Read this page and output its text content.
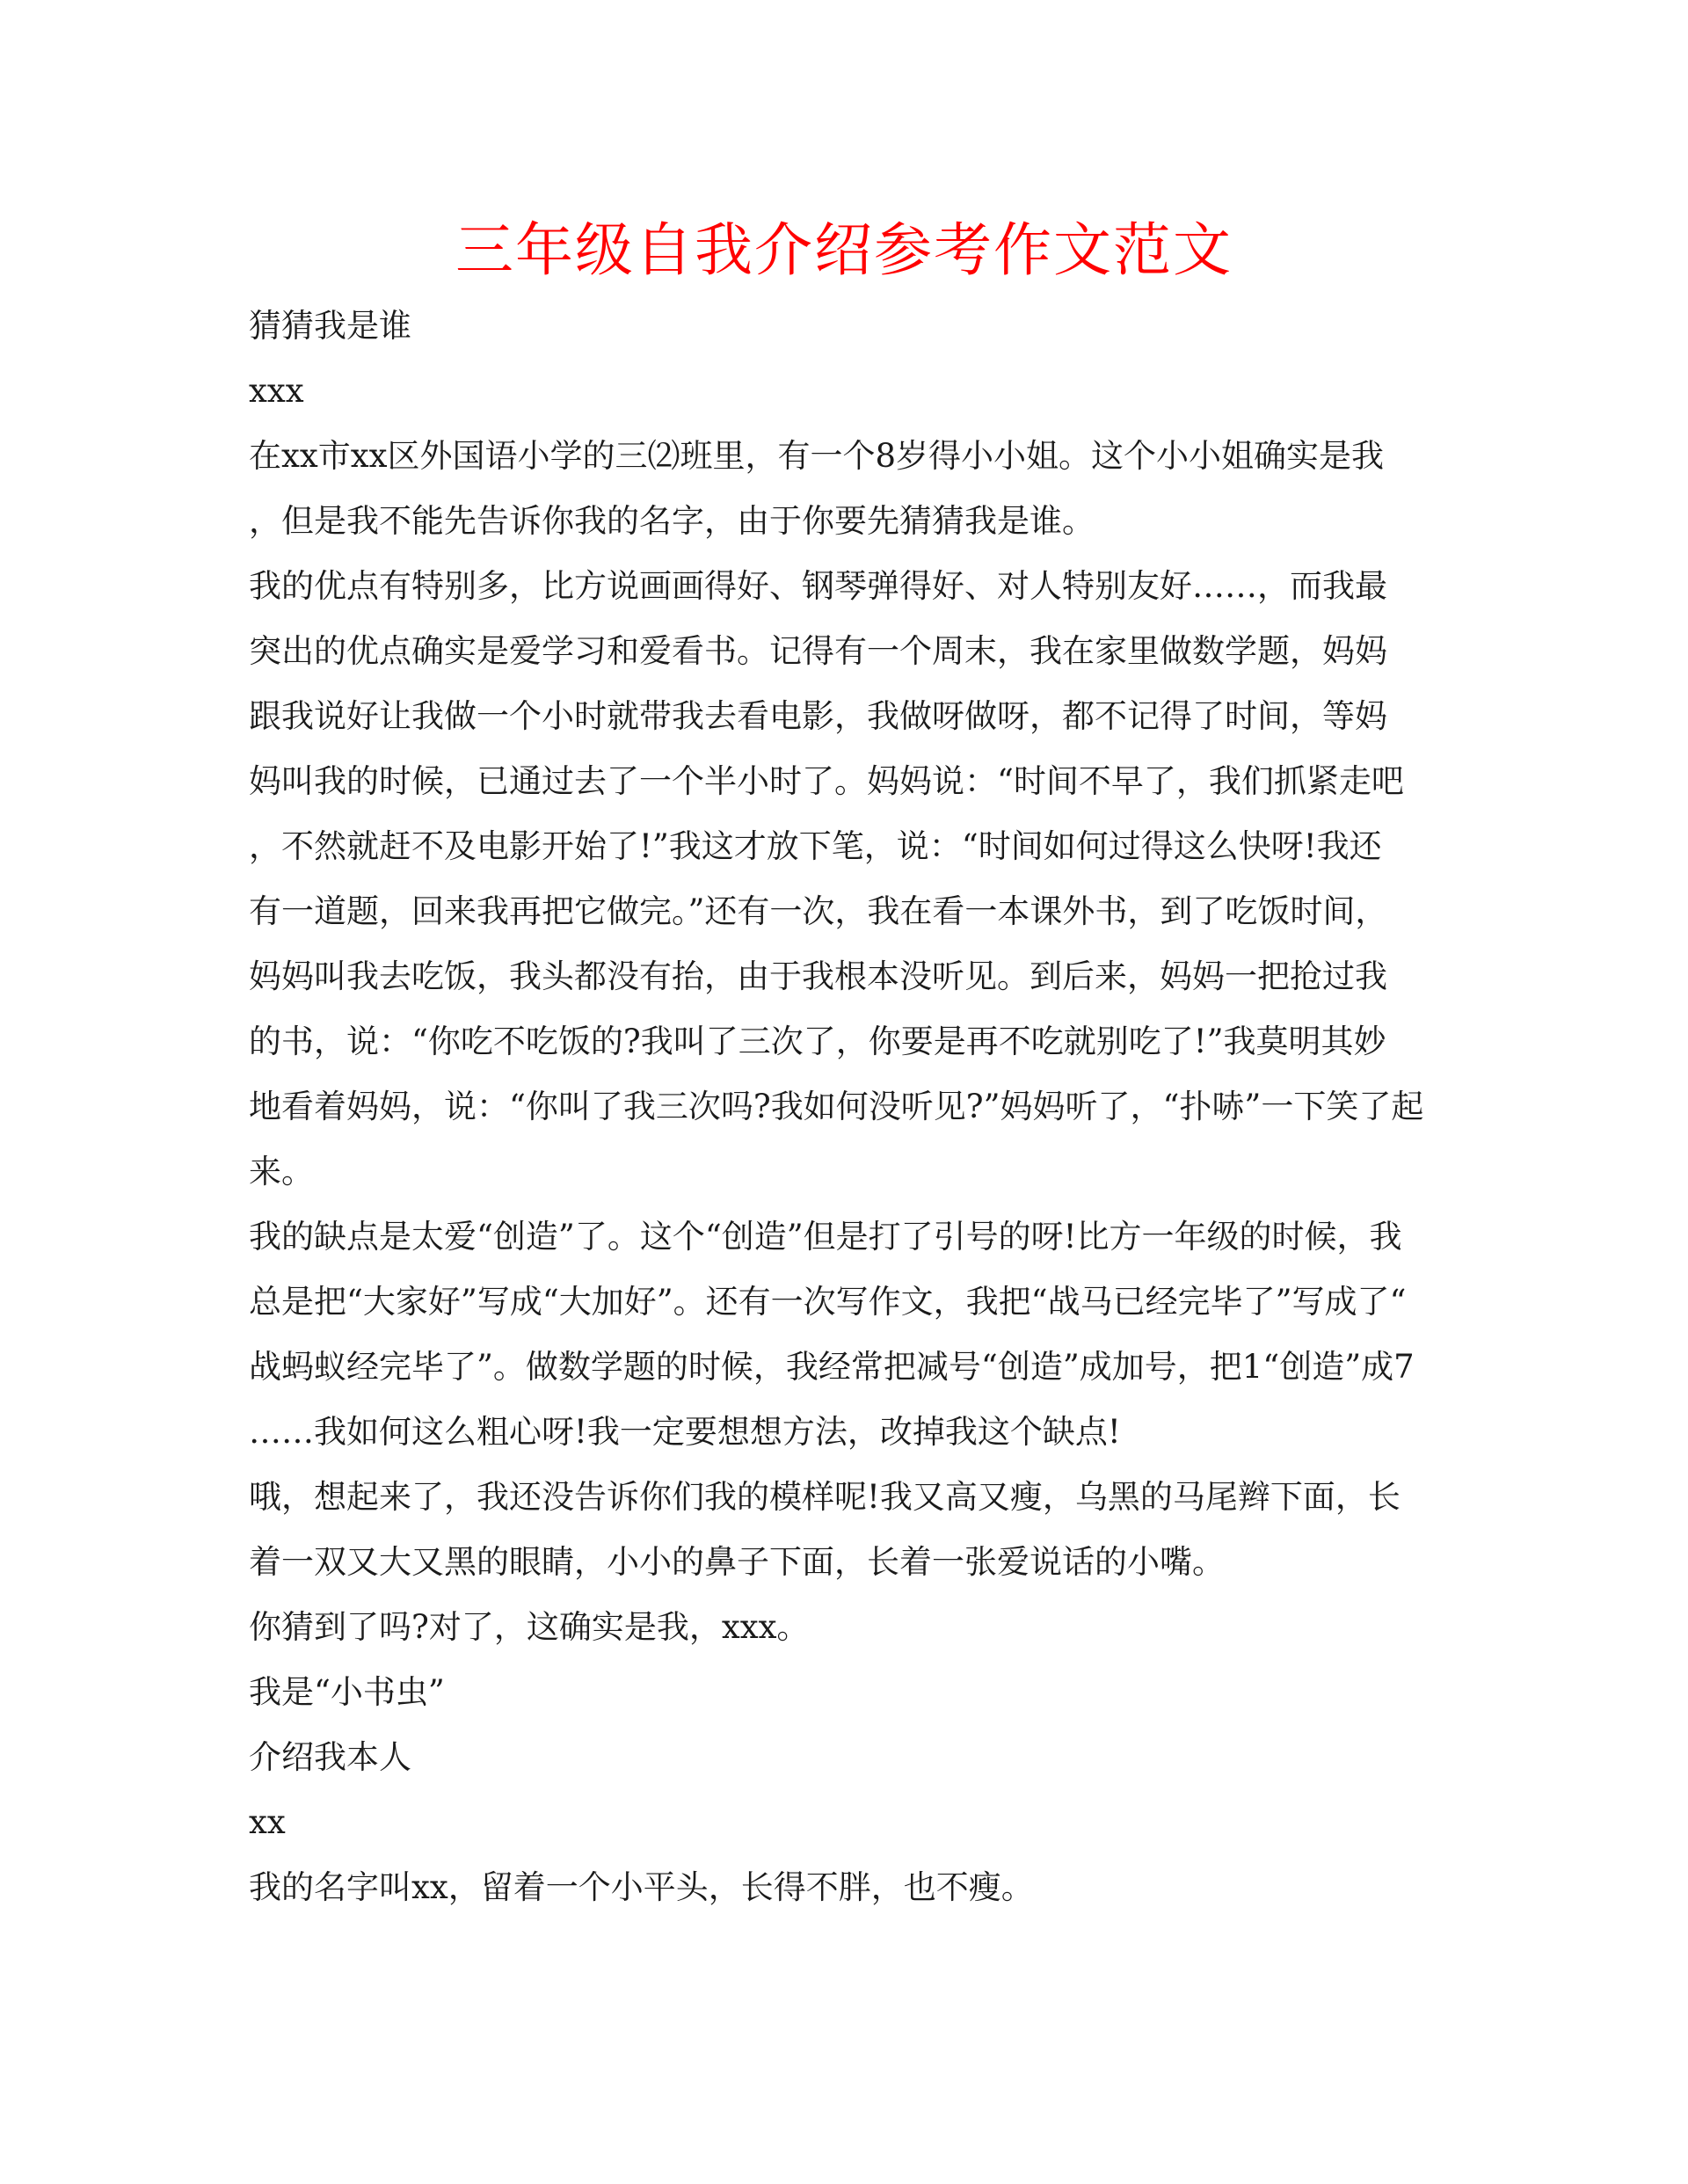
三年级自我介绍参考作文范文
猜猜我是谁
xxx
在xx市xx区外国语小学的三⑵班里，有一个8岁得小小姐。这个小小姐确实是我
，但是我不能先告诉你我的名字，由于你要先猜猜我是谁。
我的优点有特别多，比方说画画得好、钢琴弹得好、对人特别友好……，而我最
突出的优点确实是爱学习和爱看书。记得有一个周末，我在家里做数学题，妈妈
跟我说好让我做一个小时就带我去看电影，我做呀做呀，都不记得了时间，等妈
妈叫我的时候，已通过去了一个半小时了。妈妈说：“时间不早了，我们抓紧走吧
，不然就赶不及电影开始了!”我这才放下笔，说：“时间如何过得这么快呀!我还
有一道题，回来我再把它做完。”还有一次，我在看一本课外书，到了吃饭时间，
妈妈叫我去吃饭，我头都没有抬，由于我根本没听见。到后来，妈妈一把抢过我
的书，说：“你吃不吃饭的?我叫了三次了，你要是再不吃就别吃了!”我莫明其妙
地看着妈妈，说：“你叫了我三次吗?我如何没听见?”妈妈听了，“扑哧”一下笑了起
来。
我的缺点是太爱“创造”了。这个“创造”但是打了引号的呀!比方一年级的时候，我
总是把“大家好”写成“大加好”。还有一次写作文，我把“战马已经完毕了”写成了“
战蚂蚁经完毕了”。做数学题的时候，我经常把减号“创造”成加号，把1“创造”成7
……我如何这么粗心呀!我一定要想想方法，改掉我这个缺点!
哦，想起来了，我还没告诉你们我的模样呢!我又高又瘦，乌黑的马尾辫下面，长
着一双又大又黑的眼睛，小小的鼻子下面，长着一张爱说话的小嘴。
你猜到了吗?对了，这确实是我，xxx。
我是“小书虫”
介绍我本人
xx
我的名字叫xx，留着一个小平头，长得不胖，也不瘦。
